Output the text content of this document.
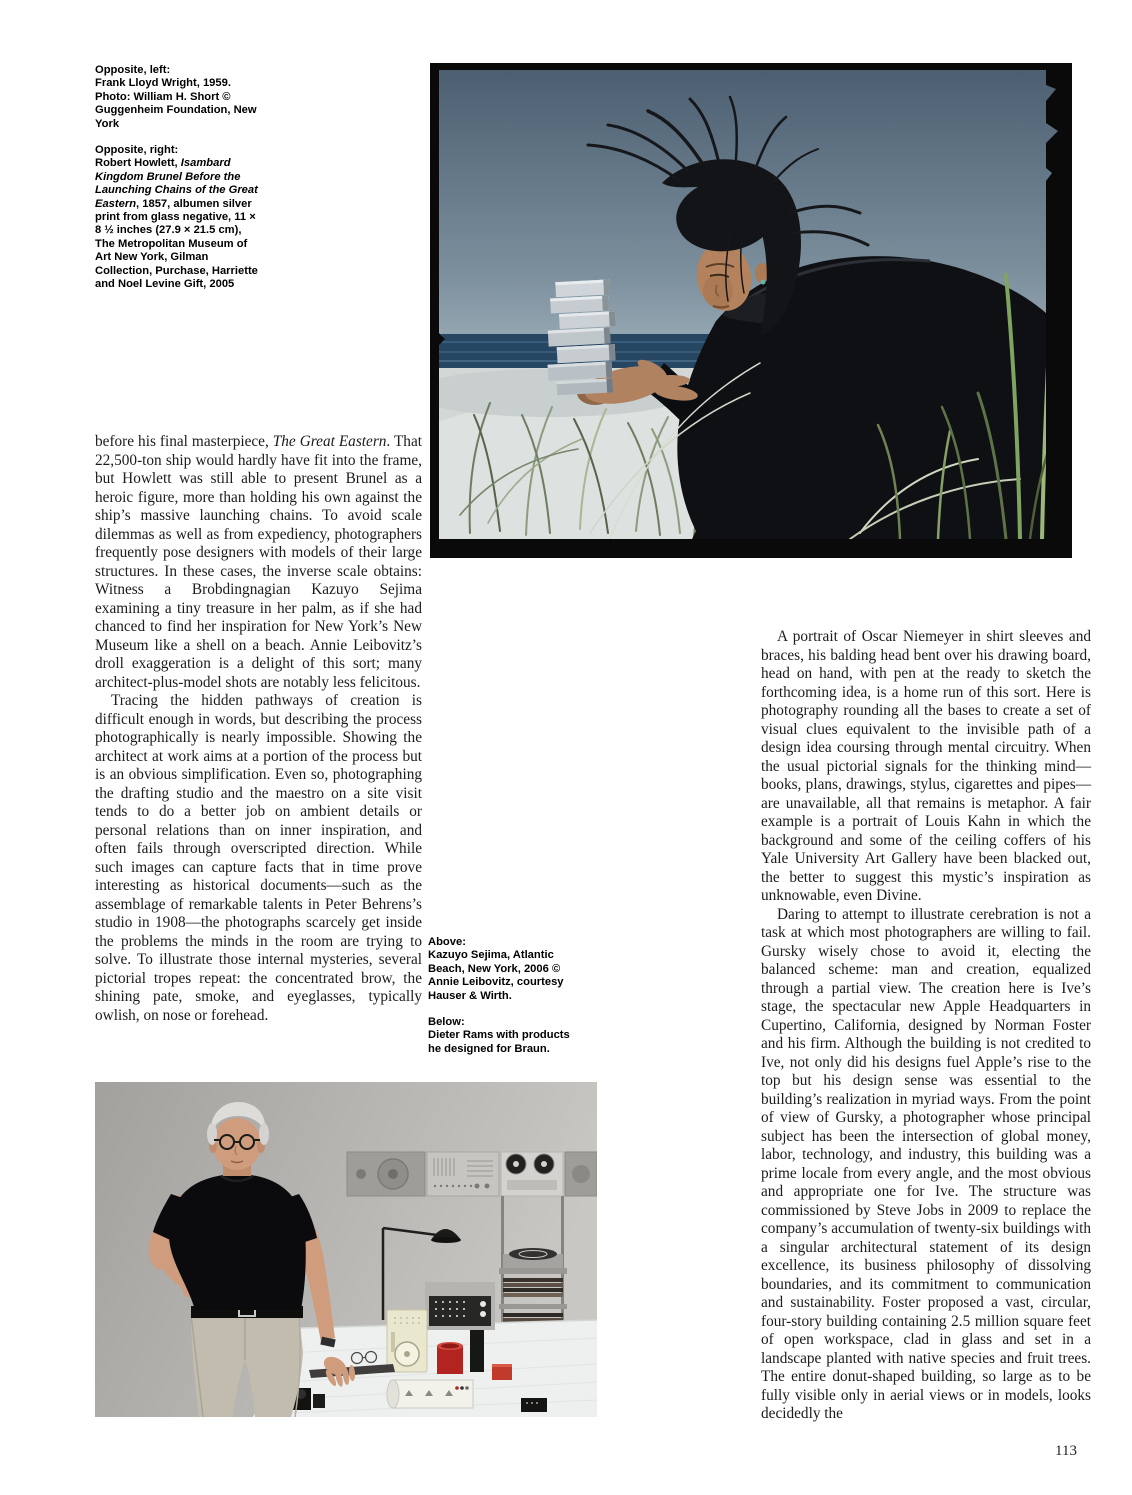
Opposite, left:
Frank Lloyd Wright, 1959. Photo: William H. Short © Guggenheim Foundation, New York
Opposite, right:
Robert Howlett, Isambard Kingdom Brunel Before the Launching Chains of the Great Eastern, 1857, albumen silver print from glass negative, 11 × 8 ½ inches (27.9 × 21.5 cm), The Metropolitan Museum of Art New York, Gilman Collection, Purchase, Harriette and Noel Levine Gift, 2005

before his final masterpiece, The Great Eastern. That 22,500-ton ship would hardly have fit into the frame, but Howlett was still able to present Brunel as a heroic figure, more than holding his own against the ship’s massive launching chains. To avoid scale dilemmas as well as from expediency, photographers frequently pose designers with models of their large structures. In these cases, the inverse scale obtains: Witness a Brobdingnagian Kazuyo Sejima examining a tiny treasure in her palm, as if she had chanced to find her inspiration for New York’s New Museum like a shell on a beach. Annie Leibovitz’s droll exaggeration is a delight of this sort; many architect-plus-model shots are notably less felicitous.

Tracing the hidden pathways of creation is difficult enough in words, but describing the process photographically is nearly impossible. Showing the architect at work aims at a portion of the process but is an obvious simplification. Even so, photographing the drafting studio and the maestro on a site visit tends to do a better job on ambient details or personal relations than on inner inspiration, and often fails through overscripted direction. While such images can capture facts that in time prove interesting as historical documents—such as the assemblage of remarkable talents in Peter Behrens’s studio in 1908—the photographs scarcely get inside the problems the minds in the room are trying to solve. To illustrate those internal mysteries, several pictorial tropes repeat: the concentrated brow, the shining pate, smoke, and eyeglasses, typically owlish, on nose or forehead.

Above:
Kazuyo Sejima, Atlantic Beach, New York, 2006 © Annie Leibovitz, courtesy Hauser & Wirth.
Below:
Dieter Rams with products he designed for Braun.

A portrait of Oscar Niemeyer in shirt sleeves and braces, his balding head bent over his drawing board, head on hand, with pen at the ready to sketch the forthcoming idea, is a home run of this sort. Here is photography rounding all the bases to create a set of visual clues equivalent to the invisible path of a design idea coursing through mental circuitry. When the usual pictorial signals for the thinking mind—books, plans, drawings, stylus, cigarettes and pipes—are unavailable, all that remains is metaphor. A fair example is a portrait of Louis Kahn in which the background and some of the ceiling coffers of his Yale University Art Gallery have been blacked out, the better to suggest this mystic’s inspiration as unknowable, even Divine.

Daring to attempt to illustrate cerebration is not a task at which most photographers are willing to fail. Gursky wisely chose to avoid it, electing the balanced scheme: man and creation, equalized through a partial view. The creation here is Ive’s stage, the spectacular new Apple Headquarters in Cupertino, California, designed by Norman Foster and his firm. Although the building is not credited to Ive, not only did his designs fuel Apple’s rise to the top but his design sense was essential to the building’s realization in myriad ways. From the point of view of Gursky, a photographer whose principal subject has been the intersection of global money, labor, technology, and industry, this building was a prime locale from every angle, and the most obvious and appropriate one for Ive. The structure was commissioned by Steve Jobs in 2009 to replace the company’s accumulation of twenty-six buildings with a singular architectural statement of its design excellence, its business philosophy of dissolving boundaries, and its commitment to communication and sustainability. Foster proposed a vast, circular, four-story building containing 2.5 million square feet of open workspace, clad in glass and set in a landscape planted with native species and fruit trees. The entire donut-shaped building, so large as to be fully visible only in aerial views or in models, looks decidedly the

113
